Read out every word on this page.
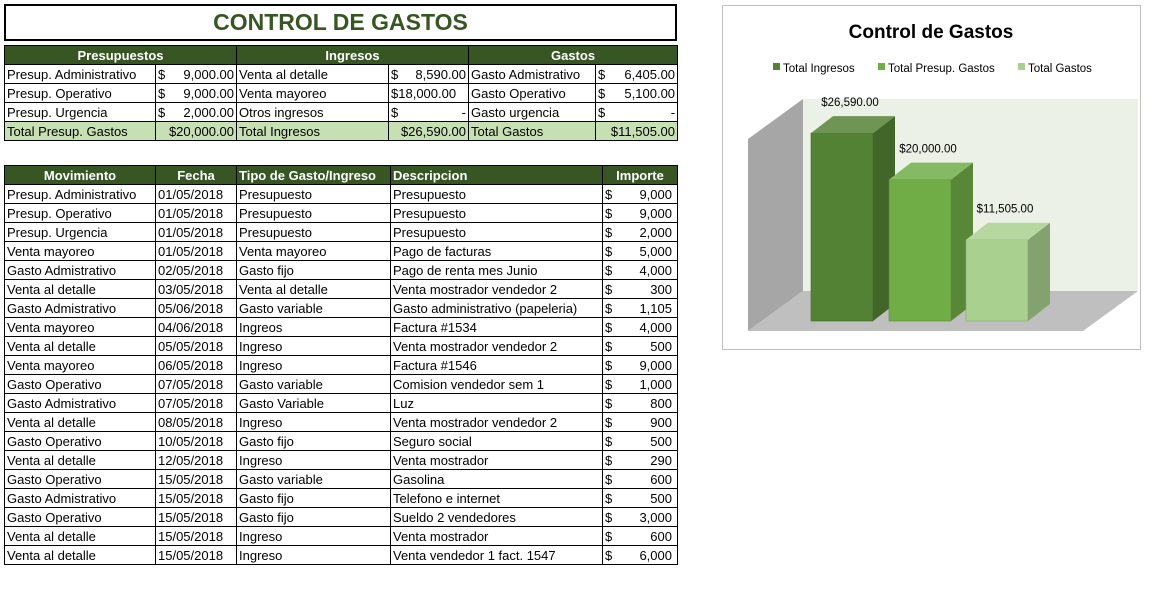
CONTROL DE GASTOS
Presupuestos		Ingresos		Gastos	
Presup. Administrativo	$ 9,000.00	Venta al detalle	$ 8,590.00	Gasto Admistrativo	$ 6,405.00

Presup. Operativo	$ 9,000.00	Venta mayoreo	$18,000.00	Gasto Operativo	$ 5,100.00

Presup. Urgencia	$ 2,000.00	Otros ingresos	$ -	Gasto urgencia	$ -

Total Presup. Gastos	$20,000.00	Total Ingresos	$26,590.00	Total Gastos	$11,505.00
Movimiento	Fecha	Tipo de Gasto/Ingreso	Descripcion	Importe
Presup. Administrativo	01/05/2018	Presupuesto	Presupuesto	$ 9,000

Presup. Operativo	01/05/2018	Presupuesto	Presupuesto	$ 9,000

Presup. Urgencia	01/05/2018	Presupuesto	Presupuesto	$ 2,000

Venta mayoreo	01/05/2018	Venta mayoreo	Pago de facturas	$ 5,000

Gasto Admistrativo	02/05/2018	Gasto fijo	Pago de renta mes Junio	$ 4,000

Venta al detalle	03/05/2018	Venta al detalle	Venta mostrador vendedor 2	$ 300

Gasto Admistrativo	05/06/2018	Gasto variable	Gasto administrativo (papeleria)	$ 1,105

Venta mayoreo	04/06/2018	Ingreos	Factura #1534	$ 4,000

Venta al detalle	05/05/2018	Ingreso	Venta mostrador vendedor 2	$ 500

Venta mayoreo	06/05/2018	Ingreso	Factura #1546	$ 9,000

Gasto Operativo	07/05/2018	Gasto variable	Comision vendedor sem 1	$ 1,000

Gasto Admistrativo	07/05/2018	Gasto Variable	Luz	$ 800

Venta al detalle	08/05/2018	Ingreso	Venta mostrador vendedor 2	$ 900

Gasto Operativo	10/05/2018	Gasto fijo	Seguro social	$ 500

Venta al detalle	12/05/2018	Ingreso	Venta mostrador	$ 290

Gasto Operativo	15/05/2018	Gasto variable	Gasolina	$ 600

Gasto Admistrativo	15/05/2018	Gasto fijo	Telefono e internet	$ 500

Gasto Operativo	15/05/2018	Gasto fijo	Sueldo 2 vendedores	$ 3,000

Venta al detalle	15/05/2018	Ingreso	Venta mostrador	$ 600

Venta al detalle	15/05/2018	Ingreso	Venta vendedor 1 fact. 1547	$ 6,000
Control de Gastos
Total Ingresos	Total Presup. Gastos	Total Gastos
$26,590.00
$20,000.00
$11,505.00
